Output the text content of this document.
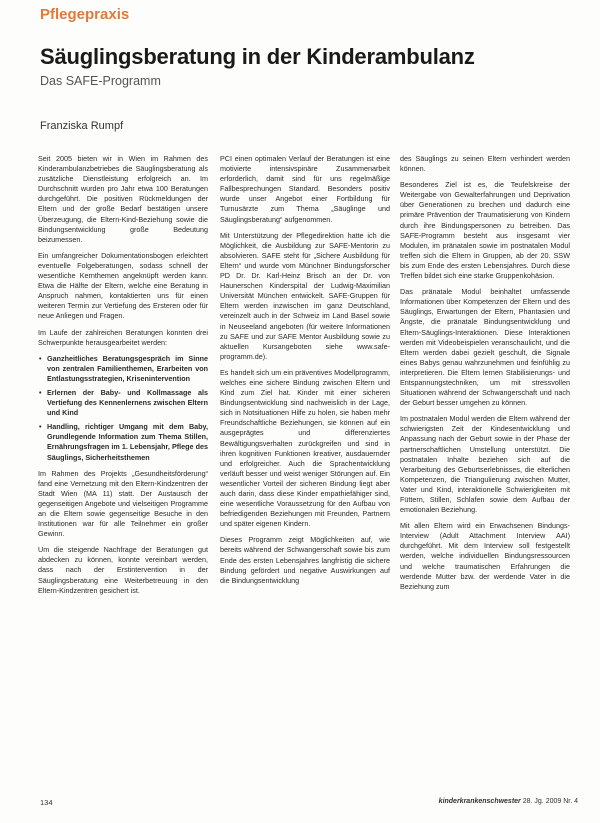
Pflegepraxis
Säuglingsberatung in der Kinderambulanz
Das SAFE-Programm
Franziska Rumpf

Seit 2005 bieten wir in Wien im Rahmen des Kinderambulanzbetriebes die Säuglingsberatung als zusätzliche Dienstleistung erfolgreich an. Im Durchschnitt wurden pro Jahr etwa 100 Beratungen durchgeführt. Die positiven Rückmeldungen der Eltern und der große Bedarf bestätigen unsere Überzeugung, die Eltern-Kind-Beziehung sowie die Bindungsentwicklung große Bedeutung beizumessen.

Ein umfangreicher Dokumentationsbogen erleichtert eventuelle Folgeberatungen, sodass schnell der wesentliche Kernthemen angeknüpft werden kann. Etwa die Hälfte der Eltern, welche eine Beratung in Anspruch nahmen, kontaktierten uns für einen weiteren Termin zur Vertiefung des Ersteren oder für neue Anliegen und Fragen.

Im Laufe der zahlreichen Beratungen konnten drei Schwerpunkte herausgearbeitet werden:

• Ganzheitliches Beratungsgespräch im Sinne von zentralen Familienthemen, Erarbeiten von Entlastungsstrategien, Krisenintervention
• Erlernen der Baby- und Kollmassage als Vertiefung des Kennenlernens zwischen Eltern und Kind
• Handling, richtiger Umgang mit dem Baby, Grundlegende Information zum Thema Stillen, Ernährungsfragen im 1. Lebensjahr, Pflege des Säuglings, Sicherheitsthemen

Im Rahmen des Projekts „Gesundheitsförderung“ fand eine Vernetzung mit den Eltern-Kindzentren der Stadt Wien (MA 11) statt. Der Austausch der gegenseitigen Angebote und vielseitigen Programme an die Eltern sowie gegenseitige Besuche in den Institutionen war für alle Teilnehmer ein großer Gewinn.

Um die steigende Nachfrage der Beratungen gut abdecken zu können, konnte vereinbart werden, dass nach der Erstintervention in der Säuglingsberatung eine Weiterbetreuung in den Eltern-Kindzentren gesichert ist.

PCI einen optimalen Verlauf der Beratungen ist eine motivierte intensivspinäre Zusammenarbeit erforderlich, damit sind für uns regelmäßige Fallbesprechungen Standard. Besonders positiv wurde unser Angebot einer Fortbildung für Turnusärzte zum Thema „Säuglinge und Säuglingsberatung“ aufgenommen.

Mit Unterstützung der Pflegedirektion hatte ich die Möglichkeit, die Ausbildung zur SAFE-Mentorin zu absolvieren. SAFE steht für „Sichere Ausbildung für Eltern“ und wurde vom Münchner Bindungsforscher PD Dr. Dr. Karl-Heinz Brisch an der Dr. von Haunerschen Kinderspital der Ludwig-Maximilian Universität München entwickelt. SAFE-Gruppen für Eltern werden inzwischen im ganz Deutschland, vereinzelt auch in der Schweiz im Land Basel sowie in Neuseeland angeboten (für weitere Informationen zu SAFE und zur SAFE Mentor Ausbildung sowie zu aktuellen Kursangeboten siehe www.safe-programm.de).

Es handelt sich um ein präventives Modellprogramm, welches eine sichere Bindung zwischen Eltern und Kind zum Ziel hat. Kinder mit einer sicheren Bindungsentwicklung sind nachweislich in der Lage, sich in Notsituationen Hilfe zu holen, sie haben mehr Freundschaftliche Beziehungen, sie können auf ein ausgeprägtes und differenziertes Bewältigungsverhalten zurückgreifen und sind in ihren kognitiven Funktionen kreativer, ausdauernder und erfolgreicher. Auch die Sprachentwicklung verläuft besser und weist weniger Störungen auf. Ein wesentlicher Vorteil der sicheren Bindung liegt aber auch darin, dass diese Kinder empathiefähiger sind, eine wesentliche Voraussetzung für den Aufbau von befriedigenden Beziehungen mit Freunden, Partnern und später eigenen Kindern.

Dieses Programm zeigt Möglichkeiten auf, wie bereits während der Schwangerschaft sowie bis zum Ende des ersten Lebensjahres langfristig die sichere Bindung gefördert und negative Auswirkungen auf die Bindungsentwicklung

des Säuglings zu seinen Eltern verhindert werden können.

Besonderes Ziel ist es, die Teufelskreise der Weitergabe von Gewalterfahrungen und Deprivation über Generationen zu brechen und dadurch eine primäre Prävention der Traumatisierung von Kindern durch ihre Bindungspersonen zu betreiben. Das SAFE-Programm besteht aus insgesamt vier Modulen, im pränatalen sowie im postnatalen Modul treffen sich die Eltern in Gruppen, ab der 20. SSW bis zum Ende des ersten Lebensjahres. Durch diese Treffen bildet sich eine starke Gruppenkohäsion.

Das pränatale Modul beinhaltet umfassende Informationen über Kompetenzen der Eltern und des Säuglings, Erwartungen der Eltern, Phantasien und Ängste, die pränatale Bindungsentwicklung und Eltern-Säuglings-Interaktionen. Diese Interaktionen werden mit Videobeispielen veranschaulicht, und die Eltern werden dabei gezielt geschult, die Signale eines Babys genau wahrzunehmen und feinfühlig zu interpretieren. Die Eltern lernen Stabilisierungs- und Entspannungstechniken, um mit stressvollen Situationen während der Schwangerschaft und nach der Geburt besser umgehen zu können.

Im postnatalen Modul werden die Eltern während der schwierigsten Zeit der Kindesentwicklung und Anpassung nach der Geburt sowie in der Phase der partnerschaftlichen Umstellung unterstützt. Die postnatalen Inhalte beziehen sich auf die Verarbeitung des Geburtserlebnisses, die elterlichen Kompetenzen, die Triangulierung zwischen Mutter, Vater und Kind, interaktionelle Schwierigkeiten mit Füttern, Stillen, Schlafen sowie dem Aufbau der emotionalen Beziehung.

Mit allen Eltern wird ein Erwachsenen Bindungs-Interview (Adult Attachment Interview AAI) durchgeführt. Mit dem Interview soll festgestellt werden, welche individuellen Bindungsressourcen und welche traumatischen Erfahrungen die werdende Mutter bzw. der werdende Vater in die Beziehung zum

134	kinderkrankenschwester 28. Jg. 2009 Nr. 4
